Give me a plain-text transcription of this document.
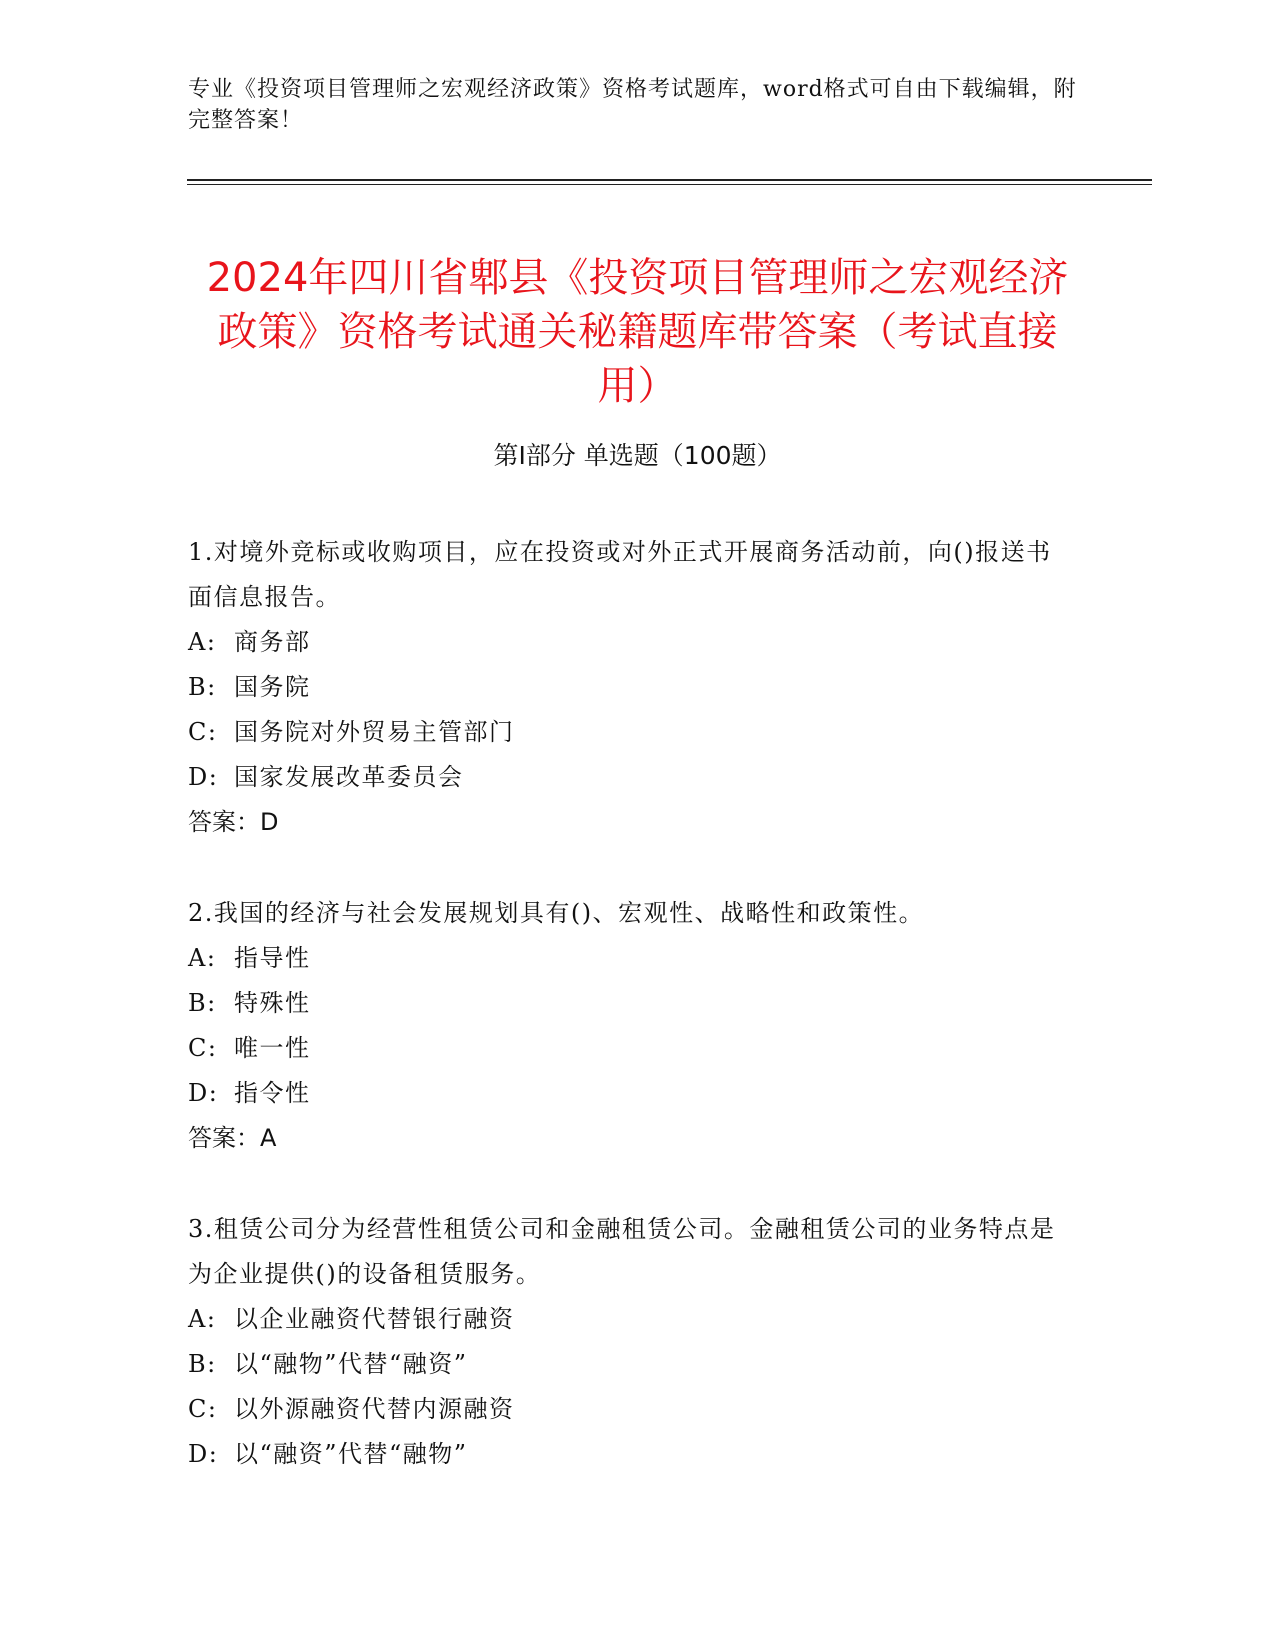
专业《投资项目管理师之宏观经济政策》资格考试题库，word格式可自由下载编辑，附完整答案！
2024年四川省郫县《投资项目管理师之宏观经济政策》资格考试通关秘籍题库带答案（考试直接用）
第Ⅰ部分 单选题（100题）
1.对境外竞标或收购项目，应在投资或对外正式开展商务活动前，向()报送书面信息报告。
A: 商务部
B: 国务院
C: 国务院对外贸易主管部门
D: 国家发展改革委员会
答案：D
2.我国的经济与社会发展规划具有()、宏观性、战略性和政策性。
A: 指导性
B: 特殊性
C: 唯一性
D: 指令性
答案：A
3.租赁公司分为经营性租赁公司和金融租赁公司。金融租赁公司的业务特点是为企业提供()的设备租赁服务。
A: 以企业融资代替银行融资
B: 以“融物”代替“融资”
C: 以外源融资代替内源融资
D: 以“融资”代替“融物”
